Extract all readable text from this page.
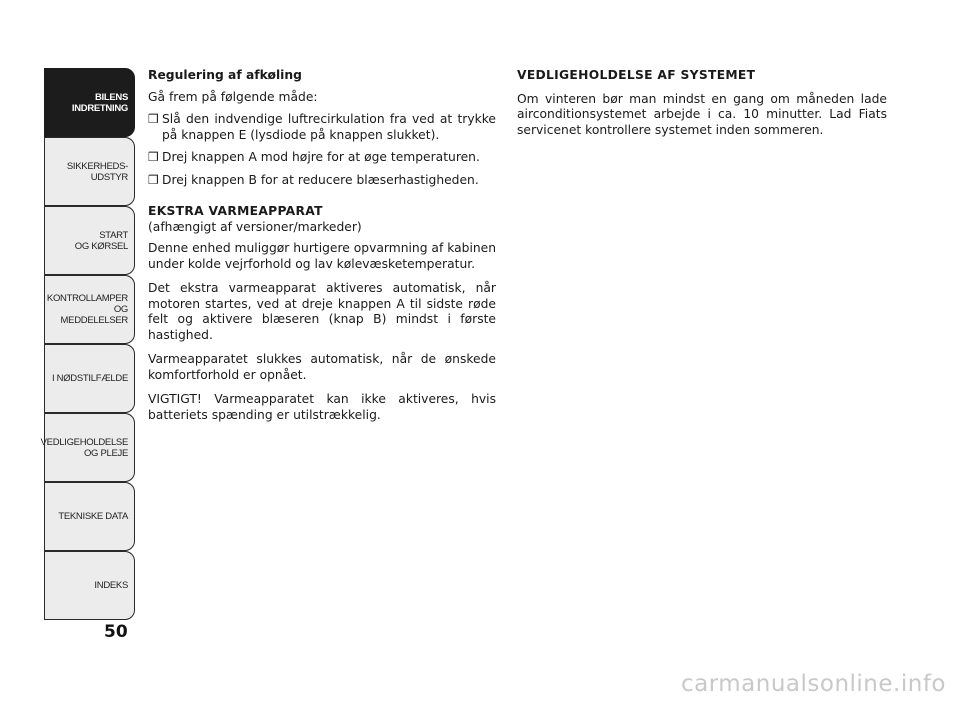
BILENS
INDRETNING
SIKKERHEDS-
UDSTYR
START
OG KØRSEL
KONTROLLAMPER
OG MEDDELELSER
I NØDSTILFÆLDE
VEDLIGEHOLDELSE
OG PLEJE
TEKNISKE DATA
INDEKS
50
Regulering af afkøling

Gå frem på følgende måde:

❒ Slå den indvendige luftrecirkulation fra ved at trykke på knappen E (lysdiode på knappen slukket).
❒ Drej knappen A mod højre for at øge temperaturen.
❒ Drej knappen B for at reducere blæserhastigheden.
EKSTRA VARMEAPPARAT

(afhængigt af versioner/markeder)

Denne enhed muliggør hurtigere opvarmning af kabinen under kolde vejrforhold og lav kølevæsketemperatur.

Det ekstra varmeapparat aktiveres automatisk, når motoren startes, ved at dreje knappen A til sidste røde felt og aktivere blæseren (knap B) mindst i første hastighed.

Varmeapparatet slukkes automatisk, når de ønskede komfortforhold er opnået.

VIGTIGT! Varmeapparatet kan ikke aktiveres, hvis batteriets spænding er utilstrækkelig.

VEDLIGEHOLDELSE AF SYSTEMET

Om vinteren bør man mindst en gang om måneden lade airconditionsystemet arbejde i ca. 10 minutter. Lad Fiats servicenet kontrollere systemet inden sommeren.

carmanualsonline.info
